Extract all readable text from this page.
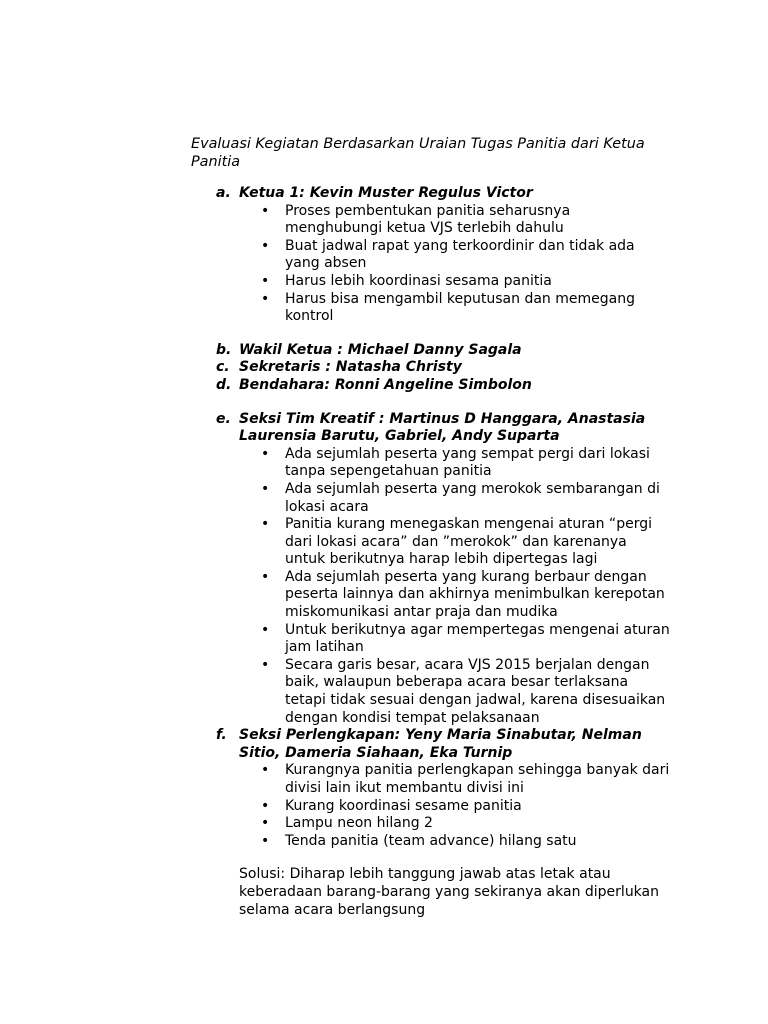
Evaluasi Kegiatan Berdasarkan Uraian Tugas Panitia dari Ketua Panitia
a. Ketua 1: Kevin Muster Regulus Victor
• Proses pembentukan panitia seharusnya menghubungi ketua VJS terlebih dahulu
• Buat jadwal rapat yang terkoordinir dan tidak ada yang absen
• Harus lebih koordinasi sesama panitia
• Harus bisa mengambil keputusan dan memegang kontrol
b. Wakil Ketua : Michael Danny Sagala
c. Sekretaris : Natasha Christy
d. Bendahara: Ronni Angeline Simbolon
e. Seksi Tim Kreatif : Martinus D Hanggara, Anastasia Laurensia Barutu, Gabriel, Andy Suparta
• Ada sejumlah peserta yang sempat pergi dari lokasi tanpa sepengetahuan panitia
• Ada sejumlah peserta yang merokok sembarangan di lokasi acara
• Panitia kurang menegaskan mengenai aturan “pergi dari lokasi acara” dan ”merokok” dan karenanya untuk berikutnya harap lebih dipertegas lagi
• Ada sejumlah peserta yang kurang berbaur dengan peserta lainnya dan akhirnya menimbulkan kerepotan miskomunikasi antar praja dan mudika
• Untuk berikutnya agar mempertegas mengenai aturan jam latihan
• Secara garis besar, acara VJS 2015 berjalan dengan baik, walaupun beberapa acara besar terlaksana tetapi tidak sesuai dengan jadwal, karena disesuaikan dengan kondisi tempat pelaksanaan
f. Seksi Perlengkapan: Yeny Maria Sinabutar, Nelman Sitio, Dameria Siahaan, Eka Turnip
• Kurangnya panitia perlengkapan sehingga banyak dari divisi lain ikut membantu divisi ini
• Kurang koordinasi sesame panitia
• Lampu neon hilang 2
• Tenda panitia (team advance) hilang satu
Solusi: Diharap lebih tanggung jawab atas letak atau keberadaan barang-barang yang sekiranya akan diperlukan selama acara berlangsung
